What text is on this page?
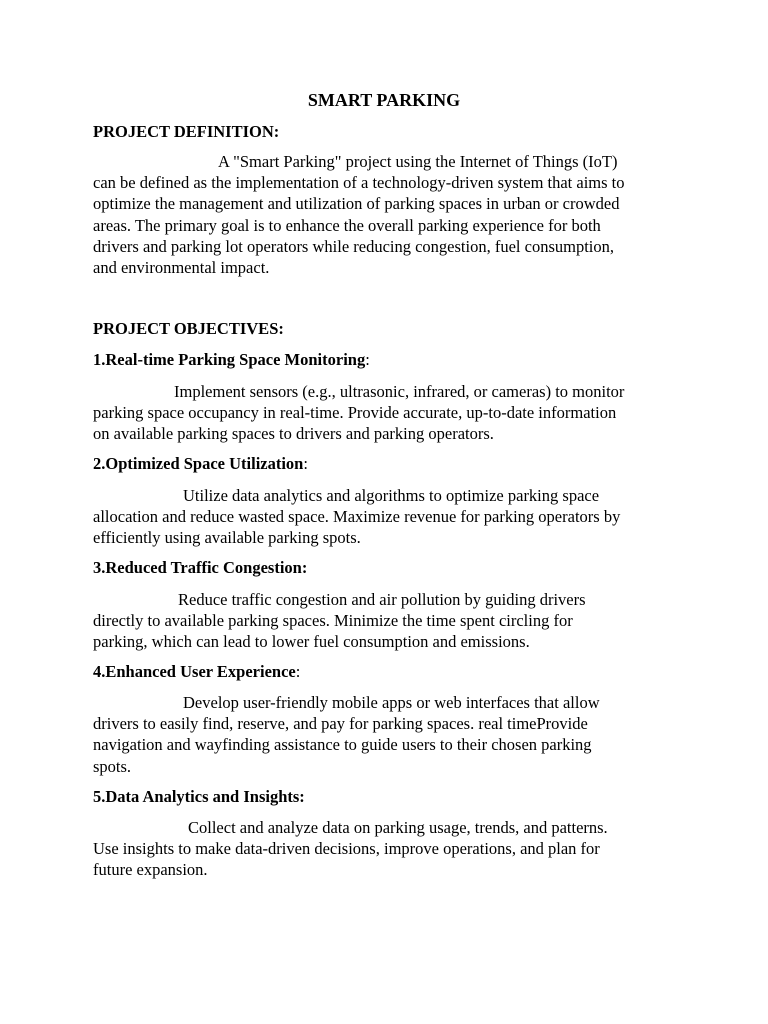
SMART PARKING
PROJECT DEFINITION:

A "Smart Parking" project using the Internet of Things (IoT)
can be defined as the implementation of a technology-driven system that aims to
optimize the management and utilization of parking spaces in urban or crowded
areas. The primary goal is to enhance the overall parking experience for both
drivers and parking lot operators while reducing congestion, fuel consumption,
and environmental impact.

PROJECT OBJECTIVES:

1.Real-time Parking Space Monitoring:

Implement sensors (e.g., ultrasonic, infrared, or cameras) to monitor
parking space occupancy in real-time. Provide accurate, up-to-date information
on available parking spaces to drivers and parking operators.

2.Optimized Space Utilization:

Utilize data analytics and algorithms to optimize parking space
allocation and reduce wasted space. Maximize revenue for parking operators by
efficiently using available parking spots.

3.Reduced Traffic Congestion:

Reduce traffic congestion and air pollution by guiding drivers
directly to available parking spaces. Minimize the time spent circling for
parking, which can lead to lower fuel consumption and emissions.

4.Enhanced User Experience:

Develop user-friendly mobile apps or web interfaces that allow
drivers to easily find, reserve, and pay for parking spaces. real timeProvide
navigation and wayfinding assistance to guide users to their chosen parking
spots.

5.Data Analytics and Insights:

Collect and analyze data on parking usage, trends, and patterns.
Use insights to make data-driven decisions, improve operations, and plan for
future expansion.
